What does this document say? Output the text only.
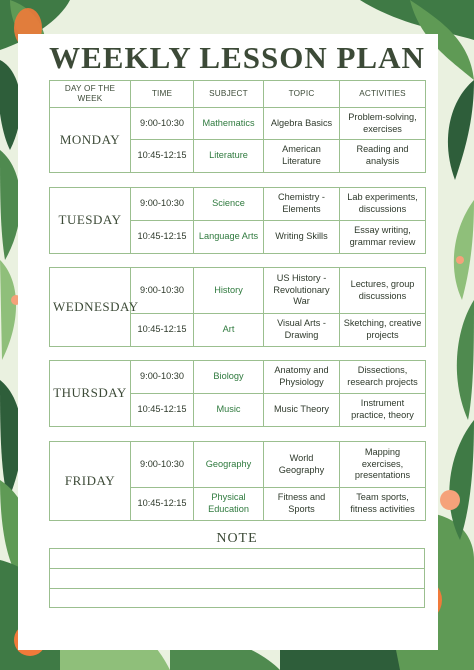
WEEKLY LESSON PLAN
DAY OF THE WEEK	TIME	SUBJECT	TOPIC	ACTIVITIES
MONDAY	9:00-10:30	Mathematics	Algebra Basics	Problem-solving, exercises
	10:45-12:15	Literature	American Literature	Reading and analysis
TUESDAY	9:00-10:30	Science	Chemistry - Elements	Lab experiments, discussions
	10:45-12:15	Language Arts	Writing Skills	Essay writing, grammar review
WEDNESDAY	9:00-10:30	History	US History - Revolutionary War	Lectures, group discussions
	10:45-12:15	Art	Visual Arts - Drawing	Sketching, creative projects
THURSDAY	9:00-10:30	Biology	Anatomy and Physiology	Dissections, research projects
	10:45-12:15	Music	Music Theory	Instrument practice, theory
FRIDAY	9:00-10:30	Geography	World Geography	Mapping exercises, presentations
	10:45-12:15	Physical Education	Fitness and Sports	Team sports, fitness activities
NOTE
